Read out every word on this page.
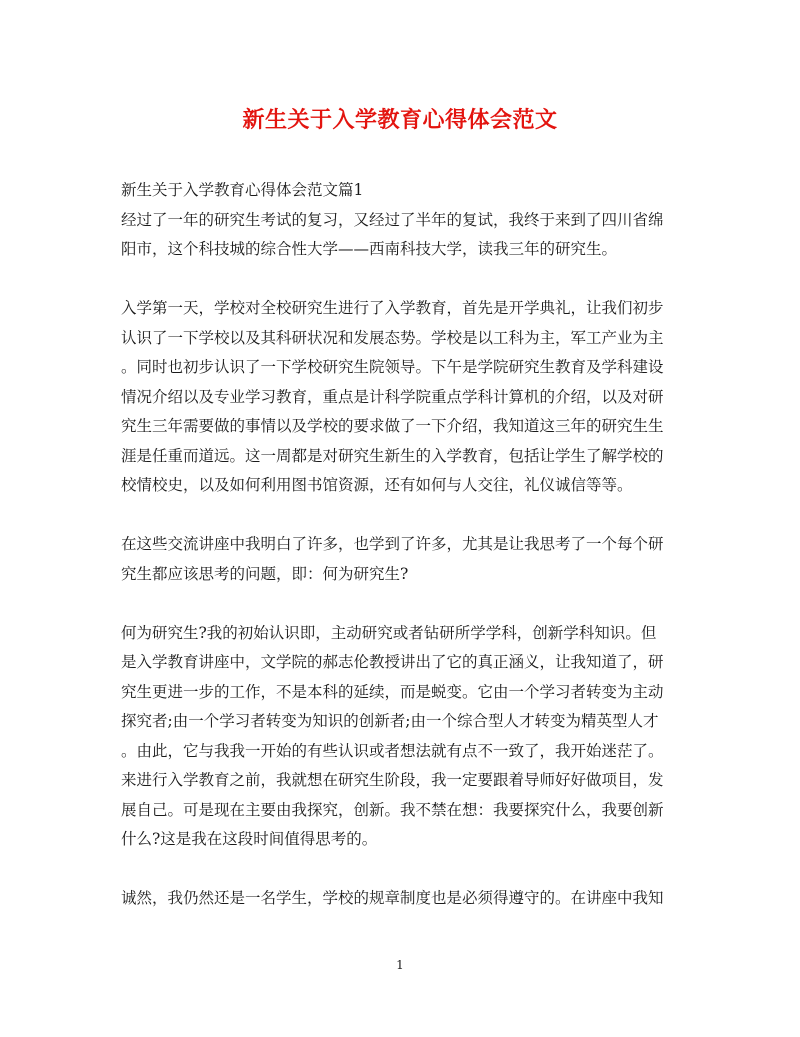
新生关于入学教育心得体会范文

新生关于入学教育心得体会范文篇1

经过了一年的研究生考试的复习，又经过了半年的复试，我终于来到了四川省绵
阳市，这个科技城的综合性大学——西南科技大学，读我三年的研究生。

入学第一天，学校对全校研究生进行了入学教育，首先是开学典礼，让我们初步
认识了一下学校以及其科研状况和发展态势。学校是以工科为主，军工产业为主
。同时也初步认识了一下学校研究生院领导。下午是学院研究生教育及学科建设
情况介绍以及专业学习教育，重点是计科学院重点学科计算机的介绍，以及对研
究生三年需要做的事情以及学校的要求做了一下介绍，我知道这三年的研究生生
涯是任重而道远。这一周都是对研究生新生的入学教育，包括让学生了解学校的
校情校史，以及如何利用图书馆资源，还有如何与人交往，礼仪诚信等等。

在这些交流讲座中我明白了许多，也学到了许多，尤其是让我思考了一个每个研
究生都应该思考的问题，即：何为研究生?

何为研究生?我的初始认识即，主动研究或者钻研所学学科，创新学科知识。但
是入学教育讲座中，文学院的郝志伦教授讲出了它的真正涵义，让我知道了，研
究生更进一步的工作，不是本科的延续，而是蜕变。它由一个学习者转变为主动
探究者;由一个学习者转变为知识的创新者;由一个综合型人才转变为精英型人才
。由此，它与我我一开始的有些认识或者想法就有点不一致了，我开始迷茫了。
来进行入学教育之前，我就想在研究生阶段，我一定要跟着导师好好做项目，发
展自己。可是现在主要由我探究，创新。我不禁在想：我要探究什么，我要创新
什么?这是我在这段时间值得思考的。

诚然，我仍然还是一名学生，学校的规章制度也是必须得遵守的。在讲座中我知

1
